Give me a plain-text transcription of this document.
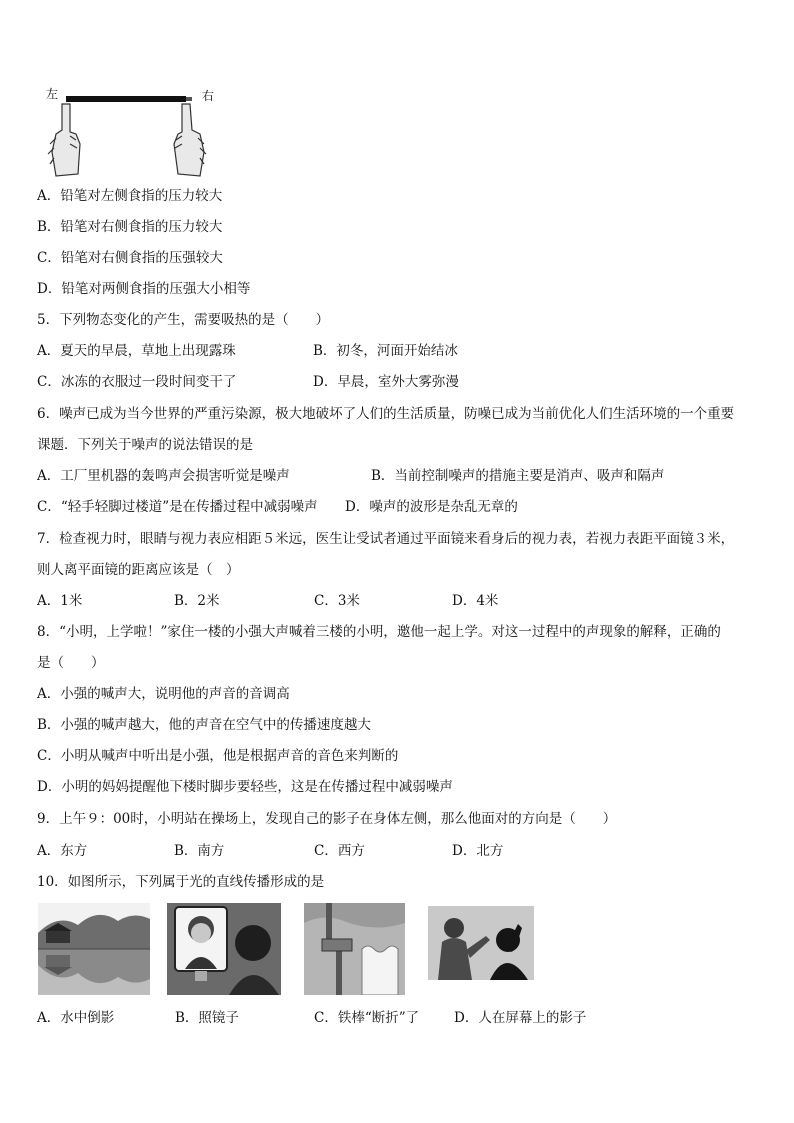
左	右
A．铅笔对左侧食指的压力较大
B．铅笔对右侧食指的压力较大
C．铅笔对右侧食指的压强较大
D．铅笔对两侧食指的压强大小相等
5．下列物态变化的产生，需要吸热的是（　　）
A．夏天的早晨，草地上出现露珠	B．初冬，河面开始结冰
C．冰冻的衣服过一段时间变干了	D．早晨，室外大雾弥漫
6．噪声已成为当今世界的严重污染源，极大地破坏了人们的生活质量，防噪已成为当前优化人们生活环境的一个重要
课题．下列关于噪声的说法错误的是
A．工厂里机器的轰鸣声会损害听觉是噪声	B．当前控制噪声的措施主要是消声、吸声和隔声
C．“轻手轻脚过楼道”是在传播过程中减弱噪声 D．噪声的波形是杂乱无章的
7．检查视力时，眼睛与视力表应相距５米远，医生让受试者通过平面镜来看身后的视力表，若视力表距平面镜３米，
则人离平面镜的距离应该是（　）
A．1米	B．2米	C．3米	D．4米
8．“小明，上学啦！”家住一楼的小强大声喊着三楼的小明，邀他一起上学。对这一过程中的声现象的解释，正确的
是（　　）
A．小强的喊声大，说明他的声音的音调高
B．小强的喊声越大，他的声音在空气中的传播速度越大
C．小明从喊声中听出是小强，他是根据声音的音色来判断的
D．小明的妈妈提醒他下楼时脚步要轻些，这是在传播过程中减弱噪声
9．上午９：00时，小明站在操场上，发现自己的影子在身体左侧，那么他面对的方向是（　　）
A．东方	B．南方	C．西方	D．北方
10．如图所示，下列属于光的直线传播形成的是
A．水中倒影	B．照镜子	C．铁棒“断折”了	D．人在屏幕上的影子
